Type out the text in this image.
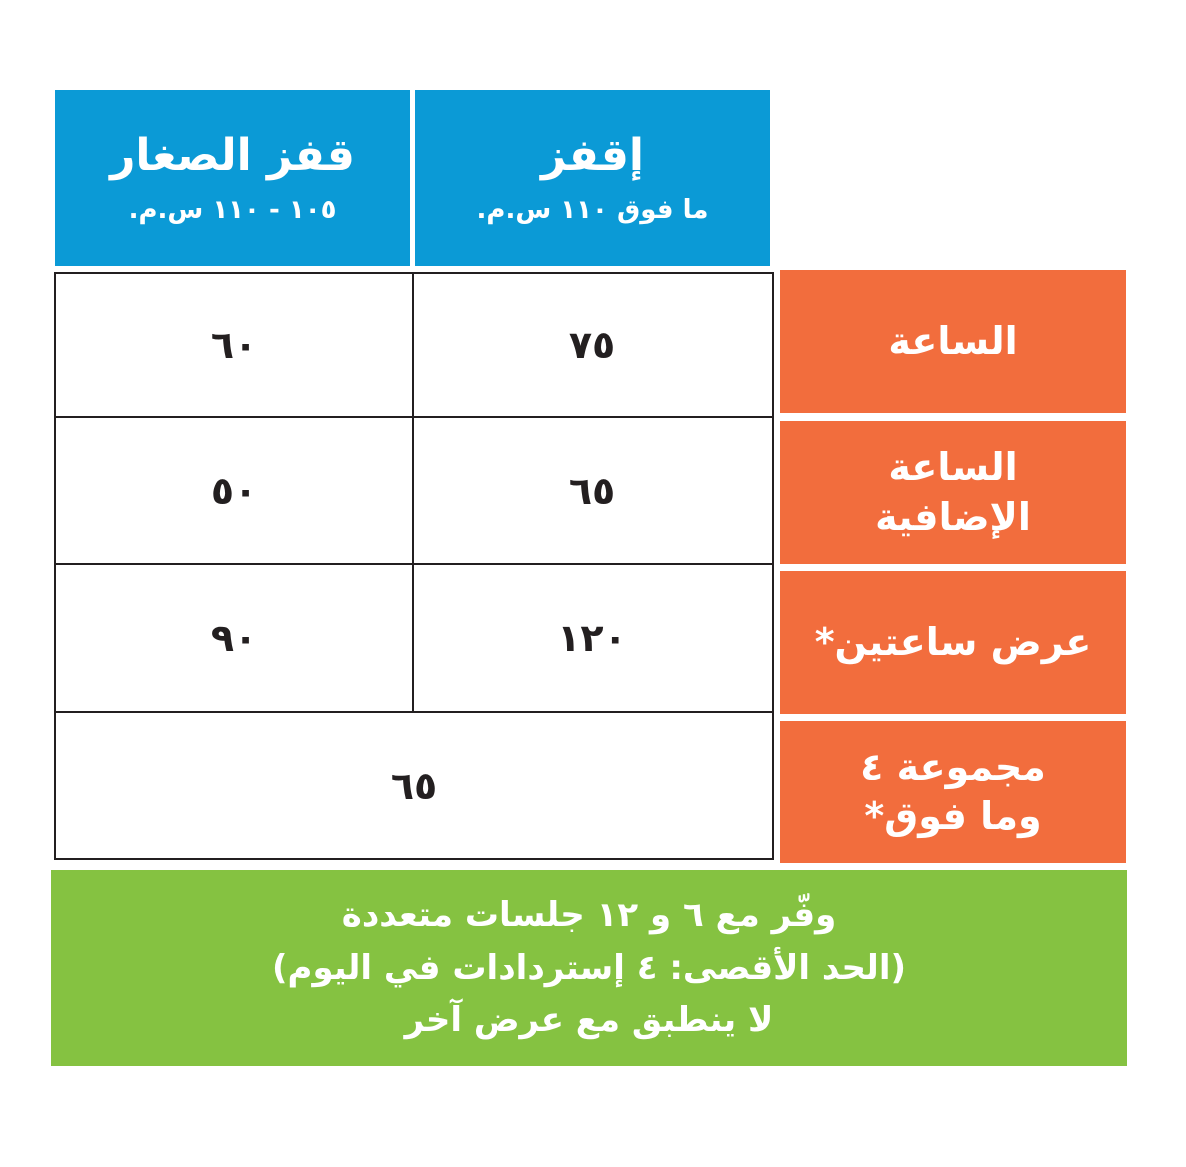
إقفز
ما فوق ١١٠ س.م.
قفز الصغار
١٠٥ - ١١٠ س.م.
الساعة
الساعة الإضافية
عرض ساعتين*
مجموعة ٤ وما فوق*
٧٥
٦٠
٦٥
٥٠
١٢٠
٩٠
٦٥
وفّر مع ٦ و ١٢ جلسات متعددة
(الحد الأقصى: ٤ إستردادات في اليوم)
لا ينطبق مع عرض آخر
